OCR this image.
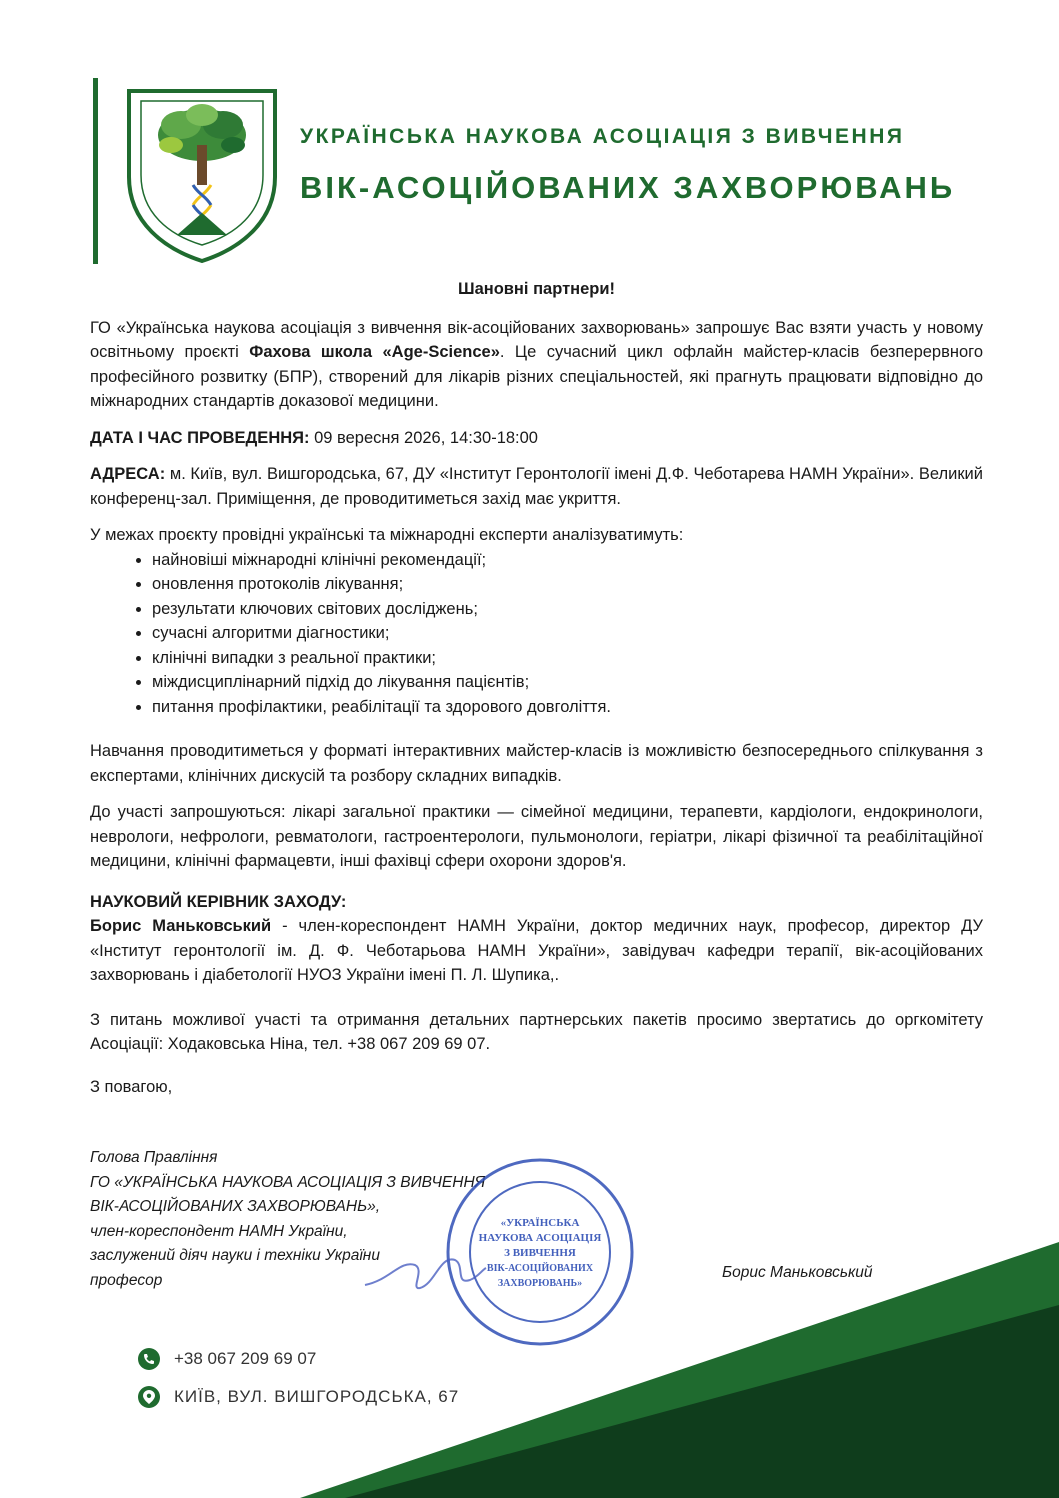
УКРАЇНСЬКА НАУКОВА АСОЦІАЦІЯ З ВИВЧЕННЯ
ВІК-АСОЦІЙОВАНИХ ЗАХВОРЮВАНЬ
Шановні партнери!

ГО «Українська наукова асоціація з вивчення вік-асоційованих захворювань» запрошує Вас взяти участь у новому освітньому проєкті Фахова школа «Age-Science». Це сучасний цикл офлайн майстер-класів безперервного професійного розвитку (БПР), створений для лікарів різних спеціальностей, які прагнуть працювати відповідно до міжнародних стандартів доказової медицини.

ДАТА І ЧАС ПРОВЕДЕННЯ: 09 вересня 2026, 14:30-18:00

АДРЕСА: м. Київ, вул. Вишгородська, 67, ДУ «Інститут Геронтології імені Д.Ф. Чеботарева НАМН України». Великий конференц-зал. Приміщення, де проводитиметься захід має укриття.

У межах проєкту провідні українські та міжнародні експерти аналізуватимуть:
• найновіші міжнародні клінічні рекомендації;
• оновлення протоколів лікування;
• результати ключових світових досліджень;
• сучасні алгоритми діагностики;
• клінічні випадки з реальної практики;
• міждисциплінарний підхід до лікування пацієнтів;
• питання профілактики, реабілітації та здорового довголіття.

Навчання проводитиметься у форматі інтерактивних майстер-класів із можливістю безпосереднього спілкування з експертами, клінічних дискусій та розбору складних випадків.

До участі запрошуються: лікарі загальної практики — сімейної медицини, терапевти, кардіологи, ендокринологи, неврологи, нефрологи, ревматологи, гастроентерологи, пульмонологи, геріатри, лікарі фізичної та реабілітаційної медицини, клінічні фармацевти, інші фахівці сфери охорони здоров'я.

НАУКОВИЙ КЕРІВНИК ЗАХОДУ:

Борис Маньковський - член-кореспондент НАМН України, доктор медичних наук, професор, директор ДУ «Інститут геронтології ім. Д. Ф. Чеботарьова НАМН України», завідувач кафедри терапії, вік-асоційованих захворювань і діабетології НУОЗ України імені П. Л. Шупика,.

З питань можливої участі та отримання детальних партнерських пакетів просимо звертатись до оргкомітету Асоціації: Ходаковська Ніна, тел. +38 067 209 69 07.

З повагою,

Голова Правління
ГО «УКРАЇНСЬКА НАУКОВА АСОЦІАЦІЯ З ВИВЧЕННЯ
ВІК-АСОЦІЙОВАНИХ ЗАХВОРЮВАНЬ»,
член-кореспондент НАМН України,
заслужений діяч науки і техніки України
професор
«УКРАЇНСЬКА
НАУКОВА АСОЦІАЦІЯ
З ВИВЧЕННЯ
ВІК-АСОЦІЙОВАНИХ
ЗАХВОРЮВАНЬ»
Борис Маньковський
+38 067 209 69 07
КИЇВ, ВУЛ. ВИШГОРОДСЬКА, 67
